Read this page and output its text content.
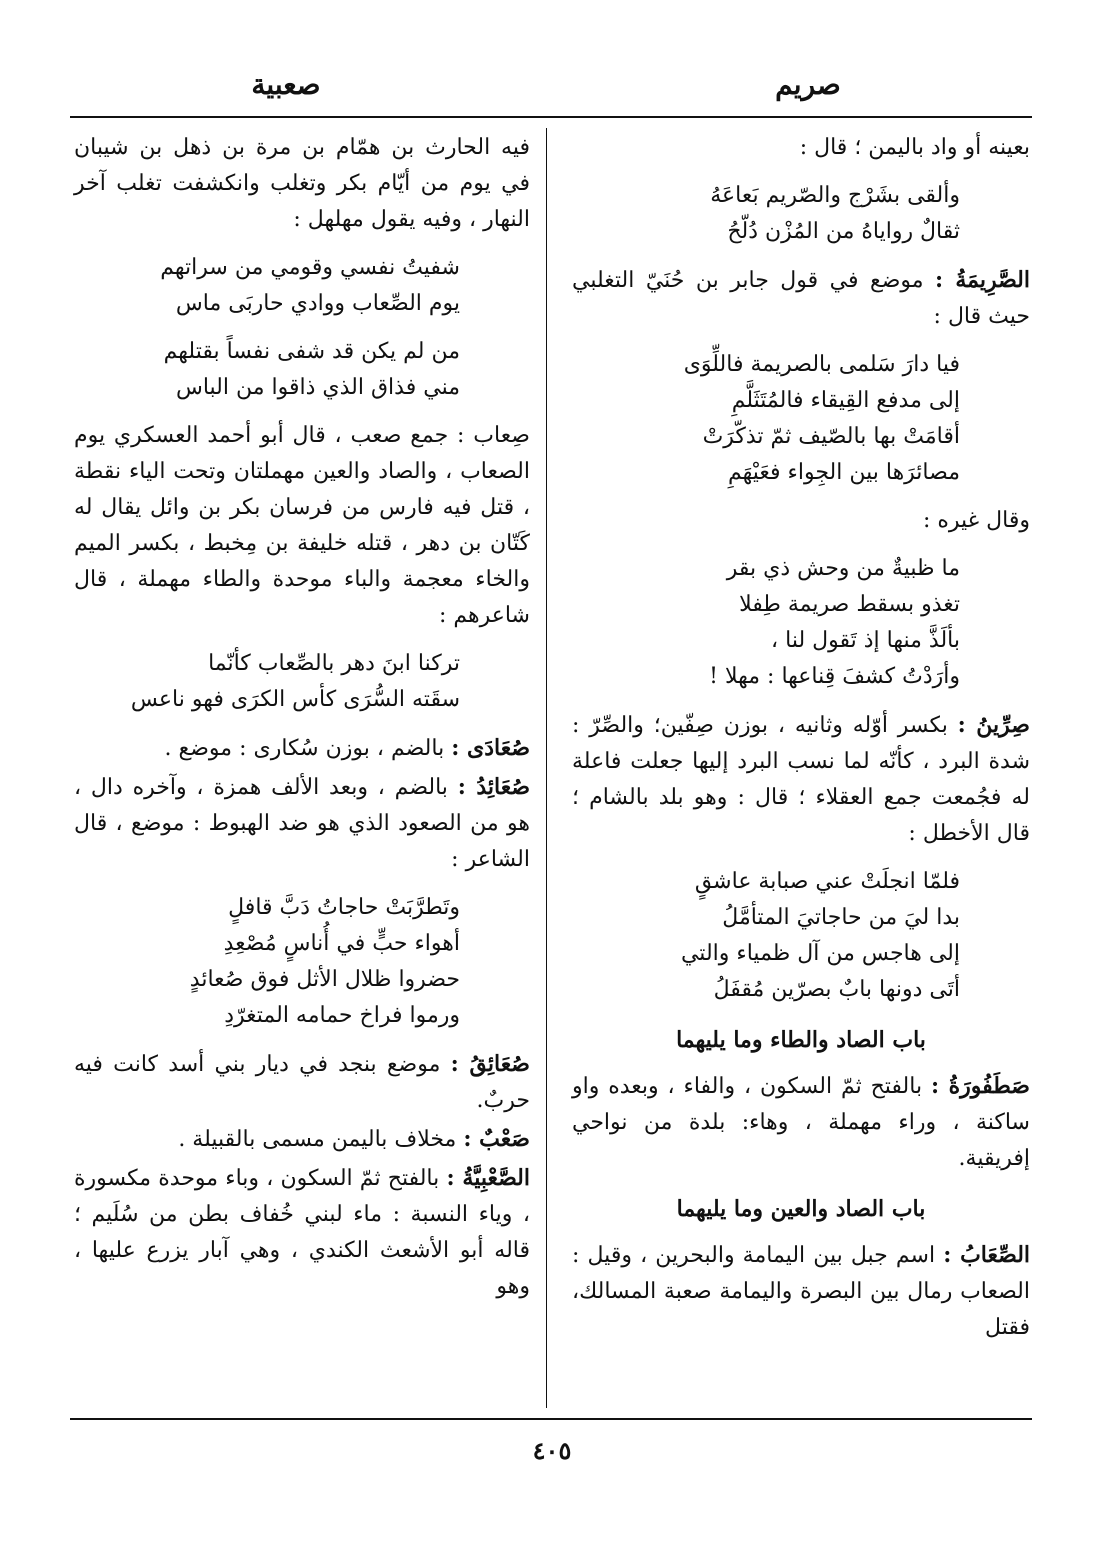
صريم
صعبية
بعينه أو واد باليمن ؛ قال :
وألقى بشَرْج والصّريم بَعاعَهُ
ثقالٌ رواياهُ من المُزْن دُلّحُ
الصَّرِيمَةُ : موضع في قول جابر بن حُنَيّ التغلبي حيث قال :
فيا دارَ سَلمى بالصريمة فاللِّوَى
إلى مدفع القِيقاء فالمُتَثَلَّمِ
أقامَتْ بها بالصّيف ثمّ تذكّرَتْ
مصائرَها بين الجِواء فعَيْهَمِ
وقال غيره :
ما ظبيةٌ من وحش ذي بقر
تغذو بسقط صريمة طِفلا
بألَذَّ منها إذ تَقول لنا ،
وأرَدْتُ كشفَ قِناعها : مهلا !
صِرِّينُ : بكسر أوّله وثانيه ، بوزن صِفّين؛ والصِّرّ : شدة البرد ، كأنّه لما نسب البرد إليها جعلت فاعلة له فجُمعت جمع العقلاء ؛ قال : وهو بلد بالشام ؛ قال الأخطل :
فلمّا انجلَتْ عني صبابة عاشقٍ
بدا ليَ من حاجاتيَ المتأمَّلُ
إلى هاجس من آل ظمياء والتي
أتَى دونها بابٌ بصرّين مُقفَلُ
باب الصاد والطاء وما يليهما
صَطَفُورَةُ : بالفتح ثمّ السكون ، والفاء ، وبعده واو ساكنة ، وراء مهملة ، وهاء: بلدة من نواحي إفريقية.
باب الصاد والعين وما يليهما
الصِّعَابُ : اسم جبل بين اليمامة والبحرين ، وقيل : الصعاب رمال بين البصرة واليمامة صعبة المسالك، فقتل
فيه الحارث بن همّام بن مرة بن ذهل بن شيبان في يوم من أيّام بكر وتغلب وانكشفت تغلب آخر النهار ، وفيه يقول مهلهل :
شفيتُ نفسي وقومي من سراتهم
يوم الصِّعاب ووادي حاربَى ماس
من لم يكن قد شفى نفساً بقتلهم
مني فذاق الذي ذاقوا من الباس
صِعاب : جمع صعب ، قال أبو أحمد العسكري يوم الصعاب ، والصاد والعين مهملتان وتحت الياء نقطة ، قتل فيه فارس من فرسان بكر بن وائل يقال له كَتّان بن دهر ، قتله خليفة بن مِخبط ، بكسر الميم والخاء معجمة والباء موحدة والطاء مهملة ، قال شاعرهم :
تركنا ابنَ دهر بالصِّعاب كأنّما
سقَته السُّرَى كأس الكرَى فهو ناعس
صُعَادَى : بالضم ، بوزن سُكارى : موضع .
صُعَائِدُ : بالضم ، وبعد الألف همزة ، وآخره دال ، هو من الصعود الذي هو ضد الهبوط : موضع ، قال الشاعر :
وتَطرَّبَتْ حاجاتُ دَبَّ قافلٍ
أهواء حبٍّ في أُناسٍ مُصْعِدِ
حضروا ظلال الأثل فوق صُعائدٍ
ورموا فراخ حمامه المتغرّدِ
صُعَائِقُ : موضع بنجد في ديار بني أسد كانت فيه حربٌ.
صَعْبٌ : مخلاف باليمن مسمى بالقبيلة .
الصَّعْبِيَّةُ : بالفتح ثمّ السكون ، وباء موحدة مكسورة ، وياء النسبة : ماء لبني خُفاف بطن من سُلَيم ؛ قاله أبو الأشعث الكندي ، وهي آبار يزرع عليها ، وهو
٤٠٥
